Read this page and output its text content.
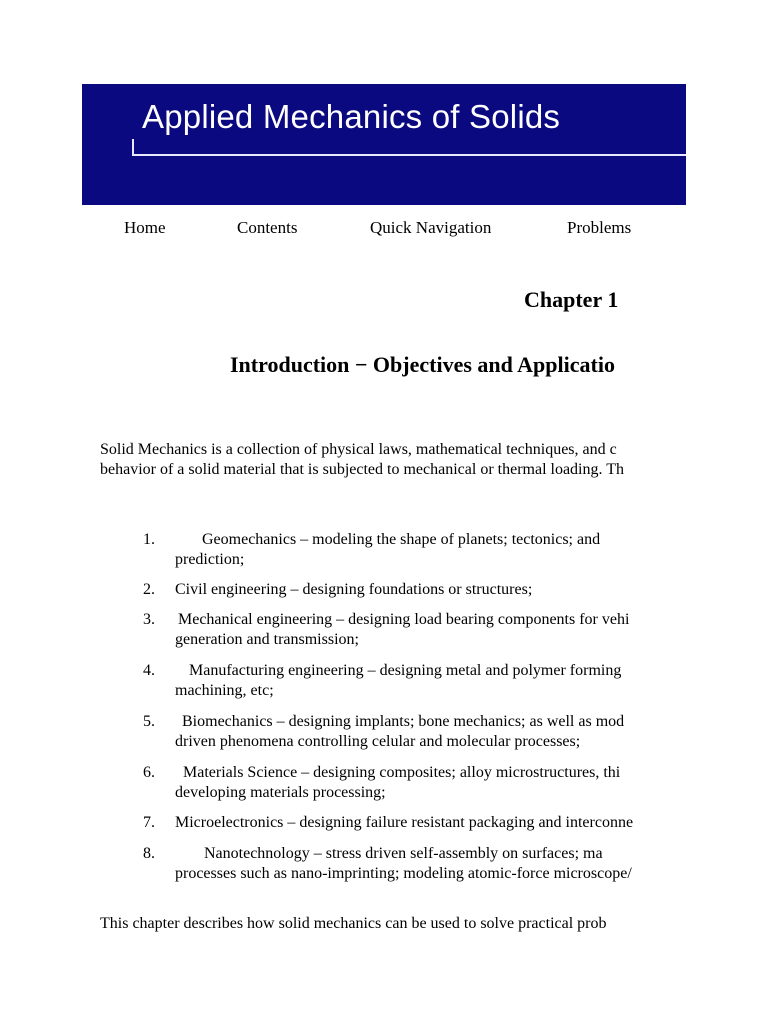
Applied Mechanics of Solids
Home	Contents	Quick Navigation	Problems
Chapter 1
Introduction − Objectives and Applicatio
Solid Mechanics is a collection of physical laws, mathematical techniques, and c
behavior of a solid material that is subjected to mechanical or thermal loading. Th
1.	Geomechanics – modeling the shape of planets; tectonics; and
prediction;
2. Civil engineering – designing foundations or structures;
3. Mechanical engineering – designing load bearing components for vehi
generation and transmission;
4. Manufacturing engineering – designing metal and polymer forming
machining, etc;
5. Biomechanics – designing implants; bone mechanics; as well as mod
driven phenomena controlling celular and molecular processes;
6. Materials Science – designing composites; alloy microstructures, thi
developing materials processing;
7. Microelectronics – designing failure resistant packaging and interconne
8.	Nanotechnology – stress driven self-assembly on surfaces; ma
processes such as nano-imprinting; modeling atomic-force microscope/
This chapter describes how solid mechanics can be used to solve practical prob
